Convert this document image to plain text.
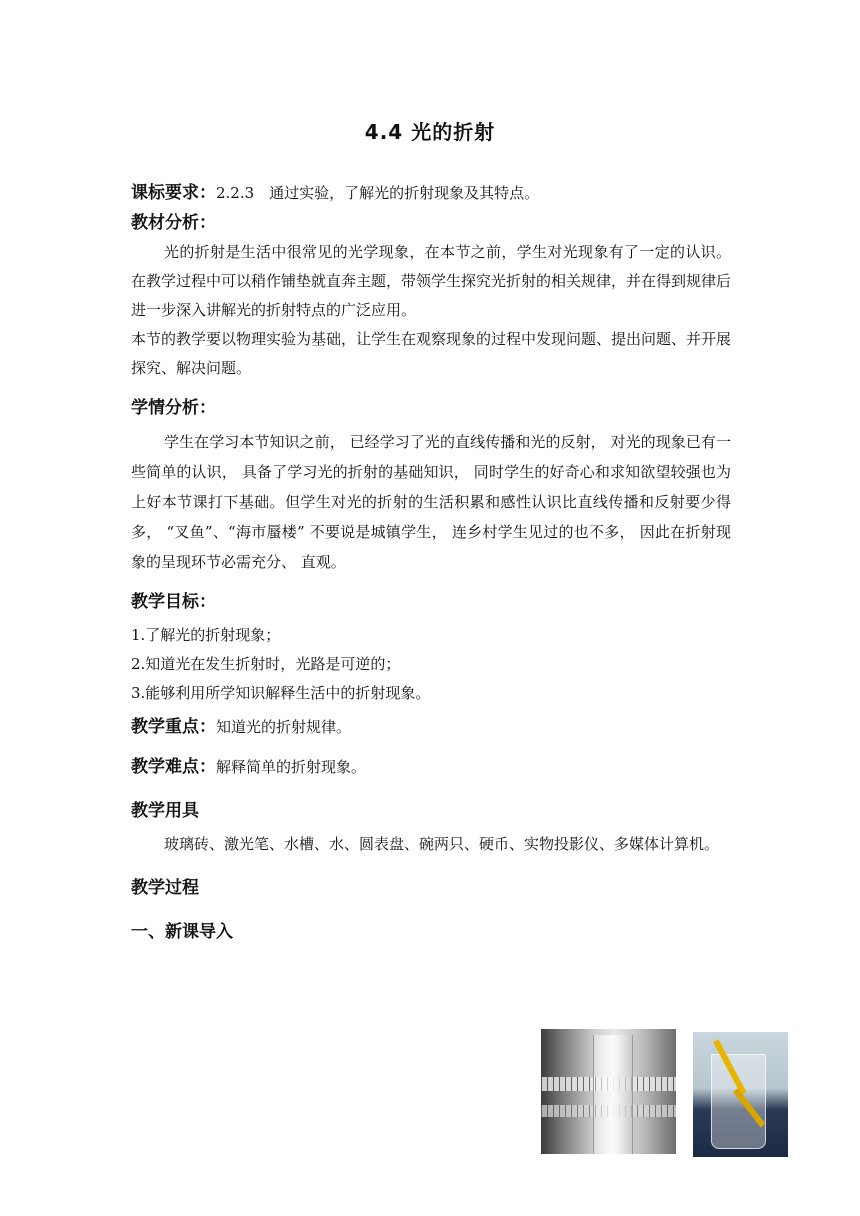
4.4 光的折射
课标要求：2.2.3　通过实验，了解光的折射现象及其特点。
教材分析：
光的折射是生活中很常见的光学现象，在本节之前，学生对光现象有了一定的认识。在教学过程中可以稍作铺垫就直奔主题，带领学生探究光折射的相关规律，并在得到规律后进一步深入讲解光的折射特点的广泛应用。
本节的教学要以物理实验为基础，让学生在观察现象的过程中发现问题、提出问题、并开展探究、解决问题。
学情分析：
学生在学习本节知识之前， 已经学习了光的直线传播和光的反射， 对光的现象已有一些简单的认识， 具备了学习光的折射的基础知识， 同时学生的好奇心和求知欲望较强也为上好本节课打下基础。但学生对光的折射的生活积累和感性认识比直线传播和反射要少得多， “叉鱼”、“海市蜃楼” 不要说是城镇学生， 连乡村学生见过的也不多， 因此在折射现象的呈现环节必需充分、 直观。
教学目标：
1.了解光的折射现象；
2.知道光在发生折射时，光路是可逆的；
3.能够利用所学知识解释生活中的折射现象。
教学重点：知道光的折射规律。
教学难点：解释简单的折射现象。
教学用具
玻璃砖、激光笔、水槽、水、圆表盘、碗两只、硬币、实物投影仪、多媒体计算机。
教学过程
一、新课导入
